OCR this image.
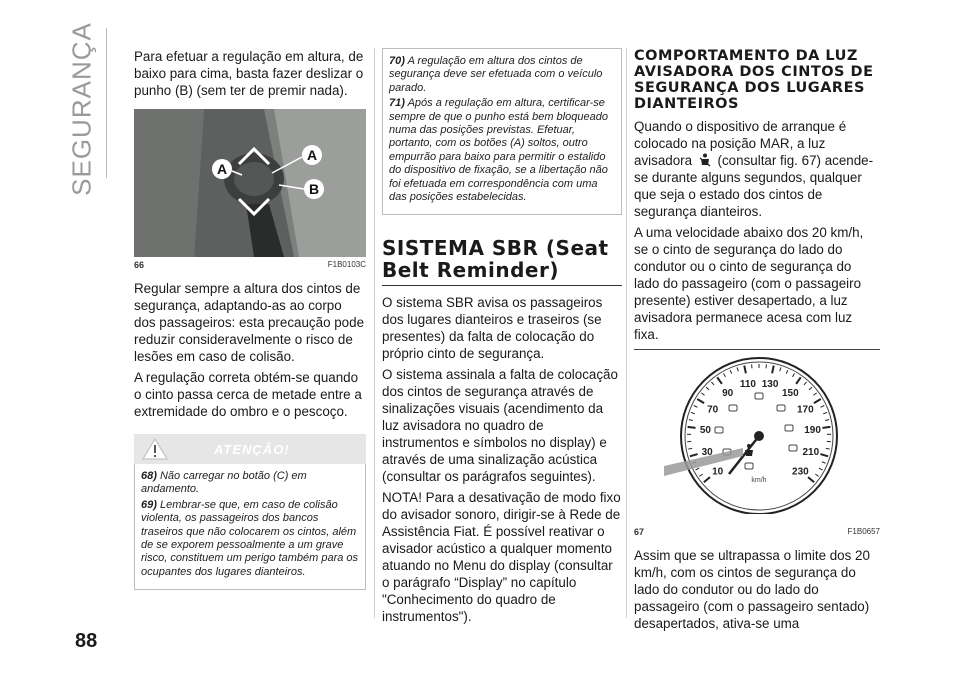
SEGURANÇA
88

Para efetuar a regulação em altura, de baixo para cima, basta fazer deslizar o punho (B) (sem ter de premir nada).

A
A
B
66	F1B0103C

Regular sempre a altura dos cintos de segurança, adaptando-as ao corpo dos passageiros: esta precaução pode reduzir consideravelmente o risco de lesões em caso de colisão.

A regulação correta obtém-se quando o cinto passa cerca de metade entre a extremidade do ombro e o pescoço.

ATENÇÃO!

68) Não carregar no botão (C) em andamento.

69) Lembrar-se que, em caso de colisão violenta, os passageiros dos bancos traseiros que não colocarem os cintos, além de se exporem pessoalmente a um grave risco, constituem um perigo também para os ocupantes dos lugares dianteiros.

70) A regulação em altura dos cintos de segurança deve ser efetuada com o veículo parado.

71) Após a regulação em altura, certificar-se sempre de que o punho está bem bloqueado numa das posições previstas. Efetuar, portanto, com os botões (A) soltos, outro empurrão para baixo para permitir o estalido do dispositivo de fixação, se a libertação não foi efetuada em correspondência com uma das posições estabelecidas.

SISTEMA SBR (Seat Belt Reminder)

O sistema SBR avisa os passageiros dos lugares dianteiros e traseiros (se presentes) da falta de colocação do próprio cinto de segurança.

O sistema assinala a falta de colocação dos cintos de segurança através de sinalizações visuais (acendimento da luz avisadora no quadro de instrumentos e símbolos no display) e através de uma sinalização acústica (consultar os parágrafos seguintes).

NOTA! Para a desativação de modo fixo do avisador sonoro, dirigir-se à Rede de Assistência Fiat. É possível reativar o avisador acústico a qualquer momento atuando no Menu do display (consultar o parágrafo “Display” no capítulo "Conhecimento do quadro de instrumentos").

COMPORTAMENTO DA LUZ AVISADORA DOS CINTOS DE SEGURANÇA DOS LUGARES DIANTEIROS

Quando o dispositivo de arranque é colocado na posição MAR, a luz avisadora (consultar fig. 67) acende-se durante alguns segundos, qualquer que seja o estado dos cintos de segurança dianteiros.

A uma velocidade abaixo dos 20 km/h, se o cinto de segurança do lado do condutor ou o cinto de segurança do lado do passageiro (com o passageiro presente) estiver desapertado, a luz avisadora permanece acesa com luz fixa.

10
30
50
70
90
110 130
150
170
190
210
230
km/h
67	F1B0657

Assim que se ultrapassa o limite dos 20 km/h, com os cintos de segurança do lado do condutor ou do lado do passageiro (com o passageiro sentado) desapertados, ativa-se uma
